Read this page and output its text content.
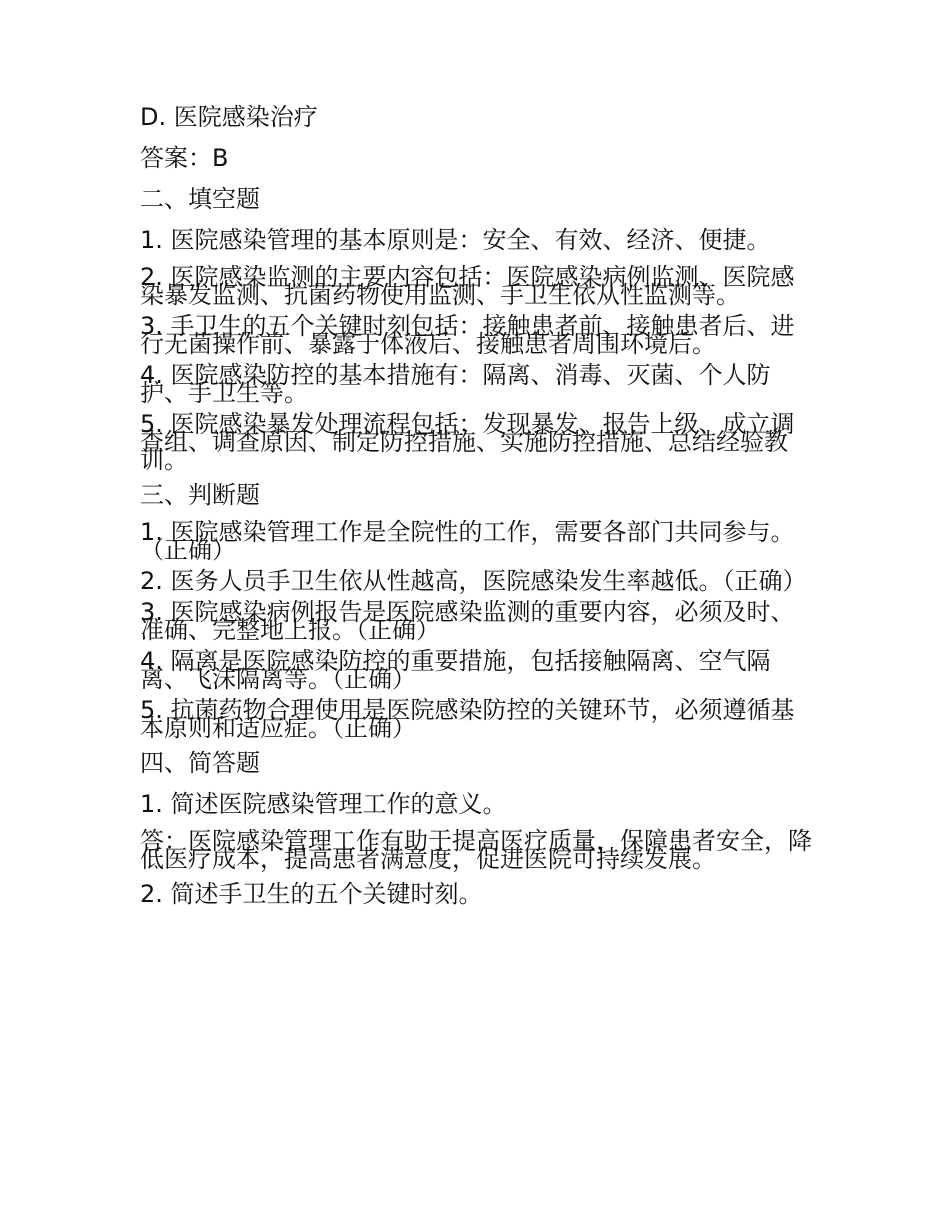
D. 医院感染治疗

答案：B

二、填空题

1. 医院感染管理的基本原则是：安全、有效、经济、便捷。

2. 医院感染监测的主要内容包括：医院感染病例监测、医院感染暴发监测、抗菌药物使用监测、手卫生依从性监测等。

3. 手卫生的五个关键时刻包括：接触患者前、接触患者后、进行无菌操作前、暴露于体液后、接触患者周围环境后。

4. 医院感染防控的基本措施有：隔离、消毒、灭菌、个人防护、手卫生等。

5. 医院感染暴发处理流程包括：发现暴发、报告上级、成立调查组、调查原因、制定防控措施、实施防控措施、总结经验教训。

三、判断题

1. 医院感染管理工作是全院性的工作，需要各部门共同参与。（正确）

2. 医务人员手卫生依从性越高，医院感染发生率越低。（正确）

3. 医院感染病例报告是医院感染监测的重要内容，必须及时、准确、完整地上报。（正确）

4. 隔离是医院感染防控的重要措施，包括接触隔离、空气隔离、飞沫隔离等。（正确）

5. 抗菌药物合理使用是医院感染防控的关键环节，必须遵循基本原则和适应症。（正确）

四、简答题

1. 简述医院感染管理工作的意义。

答：医院感染管理工作有助于提高医疗质量，保障患者安全，降低医疗成本，提高患者满意度，促进医院可持续发展。

2. 简述手卫生的五个关键时刻。
